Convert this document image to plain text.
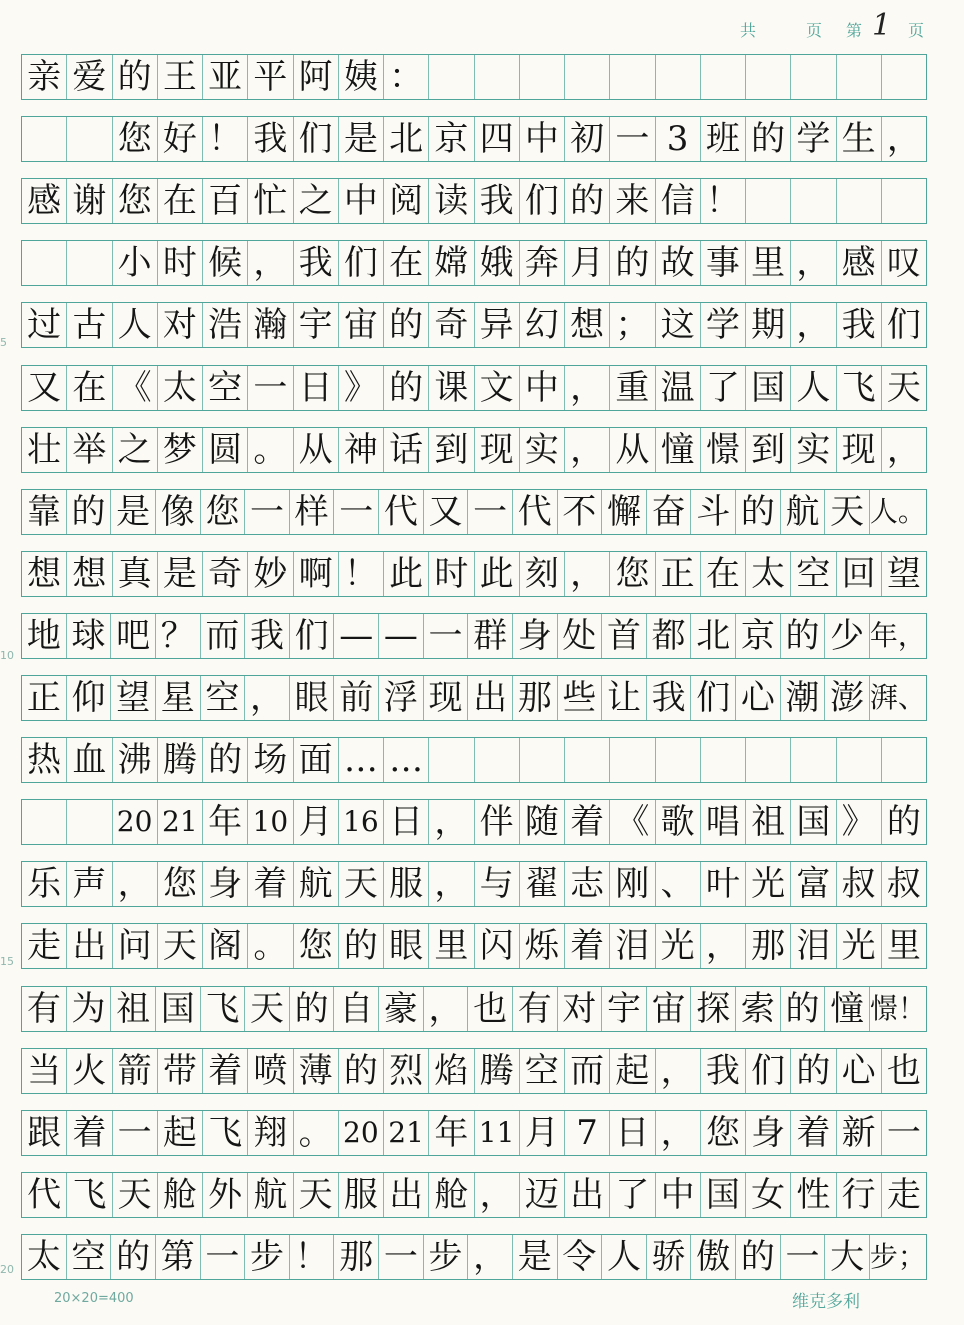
共	页 第 1 页
亲 爱 的 王 亚 平 阿 姨 ：
您 好 ！ 我 们 是 北 京 四 中 初 一 3 班 的 学 生 ，
感 谢 您 在 百 忙 之 中 阅 读 我 们 的 来 信 ！
小 时 候 ， 我 们 在 嫦 娥 奔 月 的 故 事 里 ， 感 叹
过 古 人 对 浩 瀚 宇 宙 的 奇 异 幻 想 ； 这 学 期 ， 我 们
又 在 《 太 空 一 日 》 的 课 文 中 ， 重 温 了 国 人 飞 天
壮 举 之 梦 圆 。 从 神 话 到 现 实 ， 从 憧 憬 到 实 现 ，
靠 的 是 像 您 一 样 一 代 又 一 代 不 懈 奋 斗 的 航 天 人。
想 想 真 是 奇 妙 啊 ！ 此 时 此 刻 ， 您 正 在 太 空 回 望
地 球 吧 ？ 而 我 们 — — 一 群 身 处 首 都 北 京 的 少 年，
正 仰 望 星 空 ， 眼 前 浮 现 出 那 些 让 我 们 心 潮 澎 湃、
热 血 沸 腾 的 场 面 … …
20 21 年 10 月 16 日 ， 伴 随 着 《 歌 唱 祖 国 》 的
乐 声 ， 您 身 着 航 天 服 ， 与 翟 志 刚 、 叶 光 富 叔 叔
走 出 问 天 阁 。 您 的 眼 里 闪 烁 着 泪 光 ， 那 泪 光 里
有 为 祖 国 飞 天 的 自 豪 ， 也 有 对 宇 宙 探 索 的 憧 憬！
当 火 箭 带 着 喷 薄 的 烈 焰 腾 空 而 起 ， 我 们 的 心 也
跟 着 一 起 飞 翔 。 20 21 年 11 月 7 日 ， 您 身 着 新 一
代 飞 天 舱 外 航 天 服 出 舱 ， 迈 出 了 中 国 女 性 行 走
太 空 的 第 一 步 ！ 那 一 步 ， 是 令 人 骄 傲 的 一 大 步；
5
10
15
20
20×20=400	维克多利
